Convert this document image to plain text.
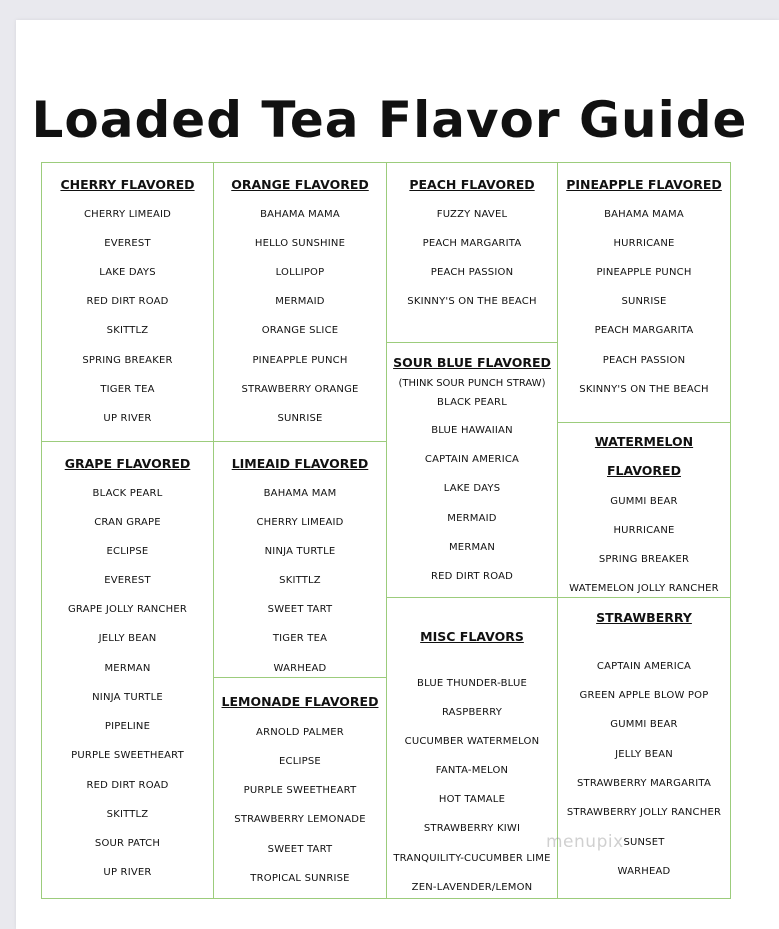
Loaded Tea Flavor Guide
CHERRY FLAVORED
CHERRY LIMEAID
EVEREST
LAKE DAYS
RED DIRT ROAD
SKITTLZ
SPRING BREAKER
TIGER TEA
UP RIVER
ORANGE FLAVORED
BAHAMA MAMA
HELLO SUNSHINE
LOLLIPOP
MERMAID
ORANGE SLICE
PINEAPPLE PUNCH
STRAWBERRY ORANGE
SUNRISE
PEACH FLAVORED
FUZZY NAVEL
PEACH MARGARITA
PEACH PASSION
SKINNY'S ON THE BEACH
PINEAPPLE FLAVORED
BAHAMA MAMA
HURRICANE
PINEAPPLE PUNCH
SUNRISE
PEACH MARGARITA
PEACH PASSION
SKINNY'S ON THE BEACH
SOUR BLUE FLAVORED
(THINK SOUR PUNCH STRAW)
BLACK PEARL
BLUE HAWAIIAN
CAPTAIN AMERICA
LAKE DAYS
MERMAID
MERMAN
RED DIRT ROAD
GRAPE FLAVORED
BLACK PEARL
CRAN GRAPE
ECLIPSE
EVEREST
GRAPE JOLLY RANCHER
JELLY BEAN
MERMAN
NINJA TURTLE
PIPELINE
PURPLE SWEETHEART
RED DIRT ROAD
SKITTLZ
SOUR PATCH
UP RIVER
LIMEAID FLAVORED
BAHAMA MAM
CHERRY LIMEAID
NINJA TURTLE
SKITTLZ
SWEET TART
TIGER TEA
WARHEAD
WATERMELON
FLAVORED
GUMMI BEAR
HURRICANE
SPRING BREAKER
WATEMELON JOLLY RANCHER
LEMONADE FLAVORED
ARNOLD PALMER
ECLIPSE
PURPLE SWEETHEART
STRAWBERRY LEMONADE
SWEET TART
TROPICAL SUNRISE
MISC FLAVORS
BLUE THUNDER-BLUE
RASPBERRY
CUCUMBER WATERMELON
FANTA-MELON
HOT TAMALE
STRAWBERRY KIWI
TRANQUILITY-CUCUMBER LIME
ZEN-LAVENDER/LEMON
STRAWBERRY
CAPTAIN AMERICA
GREEN APPLE BLOW POP
GUMMI BEAR
JELLY BEAN
STRAWBERRY MARGARITA
STRAWBERRY JOLLY RANCHER
SUNSET
WARHEAD
menupix
